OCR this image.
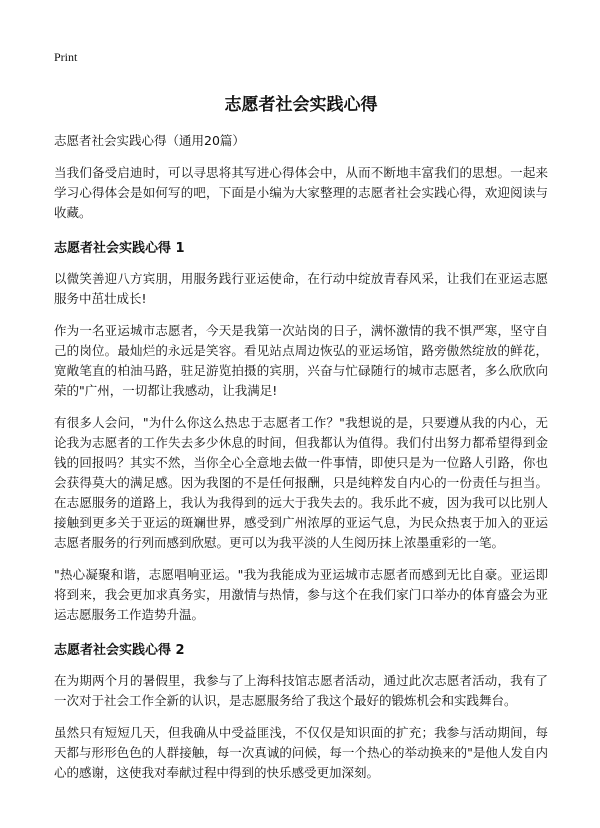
Print
志愿者社会实践心得
志愿者社会实践心得（通用20篇）

当我们备受启迪时，可以寻思将其写进心得体会中，从而不断地丰富我们的思想。一起来学习心得体会是如何写的吧，下面是小编为大家整理的志愿者社会实践心得，欢迎阅读与收藏。

志愿者社会实践心得 1

以微笑善迎八方宾朋，用服务践行亚运使命，在行动中绽放青春风采，让我们在亚运志愿服务中茁壮成长!

作为一名亚运城市志愿者，今天是我第一次站岗的日子，满怀激情的我不惧严寒，坚守自己的岗位。最灿烂的永远是笑容。看见站点周边恢弘的亚运场馆，路旁傲然绽放的鲜花，宽敞笔直的柏油马路，驻足游览拍摄的宾朋，兴奋与忙碌随行的城市志愿者，多么欣欣向荣的"广州，一切都让我感动，让我满足!

有很多人会问，"为什么你这么热忠于志愿者工作？"我想说的是，只要遵从我的内心，无论我为志愿者的工作失去多少休息的时间，但我都认为值得。我们付出努力都希望得到金钱的回报吗？其实不然，当你全心全意地去做一件事情，即使只是为一位路人引路，你也会获得莫大的满足感。因为我图的不是任何报酬，只是纯粹发自内心的一份责任与担当。在志愿服务的道路上，我认为我得到的远大于我失去的。我乐此不疲，因为我可以比别人接触到更多关于亚运的斑斓世界，感受到广州浓厚的亚运气息，为民众热衷于加入的亚运志愿者服务的行列而感到欣慰。更可以为我平淡的人生阅历抹上浓墨重彩的一笔。

"热心凝聚和谐，志愿唱响亚运。"我为我能成为亚运城市志愿者而感到无比自豪。亚运即将到来，我会更加求真务实，用激情与热情，参与这个在我们家门口举办的体育盛会为亚运志愿服务工作造势升温。

志愿者社会实践心得 2

在为期两个月的暑假里，我参与了上海科技馆志愿者活动，通过此次志愿者活动，我有了一次对于社会工作全新的认识，是志愿服务给了我这个最好的锻炼机会和实践舞台。

虽然只有短短几天，但我确从中受益匪浅，不仅仅是知识面的扩充；我参与活动期间，每天都与形形色色的人群接触，每一次真诚的问候，每一个热心的举动换来的"是他人发自内心的感谢，这使我对奉献过程中得到的快乐感受更加深刻。
